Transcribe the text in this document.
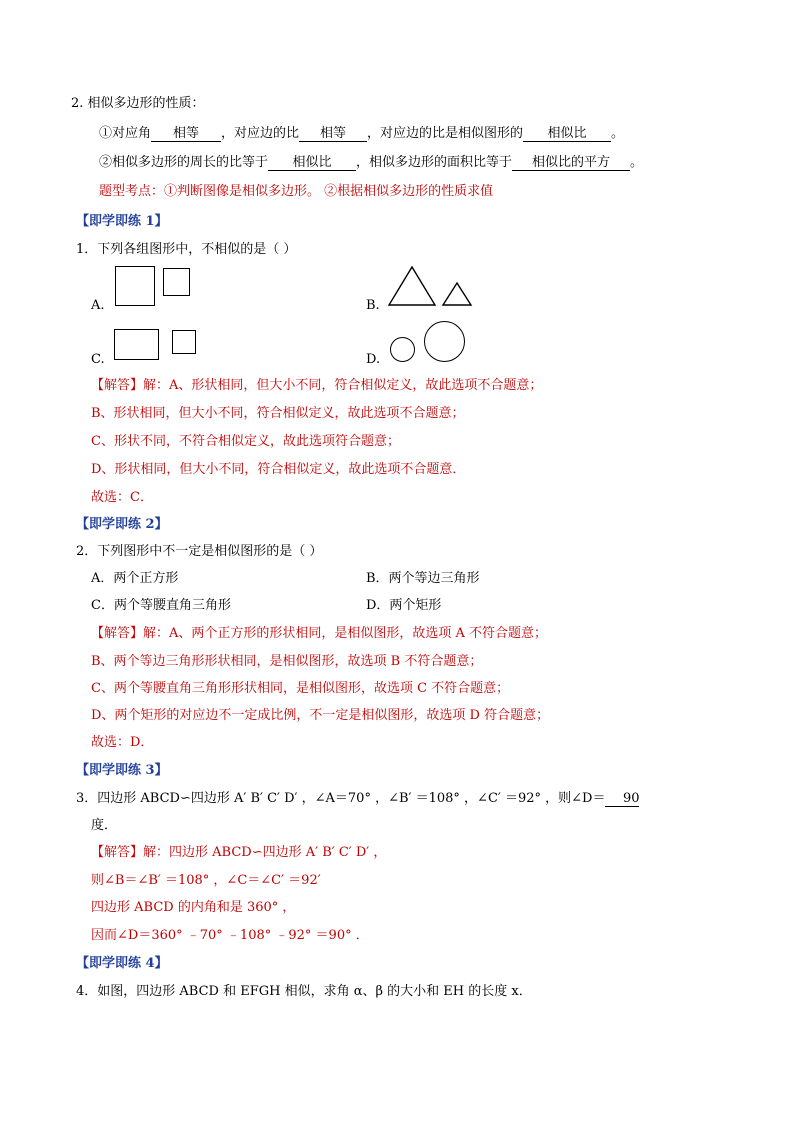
2. 相似多边形的性质：
①对应角 相等 ，对应边的比 相等 ，对应边的比是相似图形的 相似比 。
②相似多边形的周长的比等于 相似比 ，相似多边形的面积比等于 相似比的平方 。
题型考点：①判断图像是相似多边形。 ②根据相似多边形的性质求值
【即学即练 1】
1．下列各组图形中，不相似的是（ ）
A.	B.
C.	D.
【解答】解：A、形状相同，但大小不同，符合相似定义，故此选项不合题意；
B、形状相同，但大小不同，符合相似定义，故此选项不合题意；
C、形状不同，不符合相似定义，故此选项符合题意；
D、形状相同，但大小不同，符合相似定义，故此选项不合题意．
故选：C．
【即学即练 2】
2．下列图形中不一定是相似图形的是（ ）
A．两个正方形	B．两个等边三角形
C．两个等腰直角三角形	D．两个矩形
【解答】解：A、两个正方形的形状相同，是相似图形，故选项 A 不符合题意；
B、两个等边三角形形状相同，是相似图形，故选项 B 不符合题意；
C、两个等腰直角三角形形状相同，是相似图形，故选项 C 不符合题意；
D、两个矩形的对应边不一定成比例，不一定是相似图形，故选项 D 符合题意；
故选：D．
【即学即练 3】
3．四边形 ABCD∽四边形 A′ B′ C′ D′ ，∠A＝70° ，∠B′ ＝108° ，∠C′ ＝92° ，则∠D＝ 90
度．
【解答】解：四边形 ABCD∽四边形 A′ B′ C′ D′ ，
则∠B＝∠B′ ＝108° ，∠C＝∠C′ ＝92′
四边形 ABCD 的内角和是 360° ，
因而∠D＝360° ﹣70° ﹣108° ﹣92° ＝90° ．
【即学即练 4】
4．如图，四边形 ABCD 和 EFGH 相似，求角 α、β 的大小和 EH 的长度 x．
